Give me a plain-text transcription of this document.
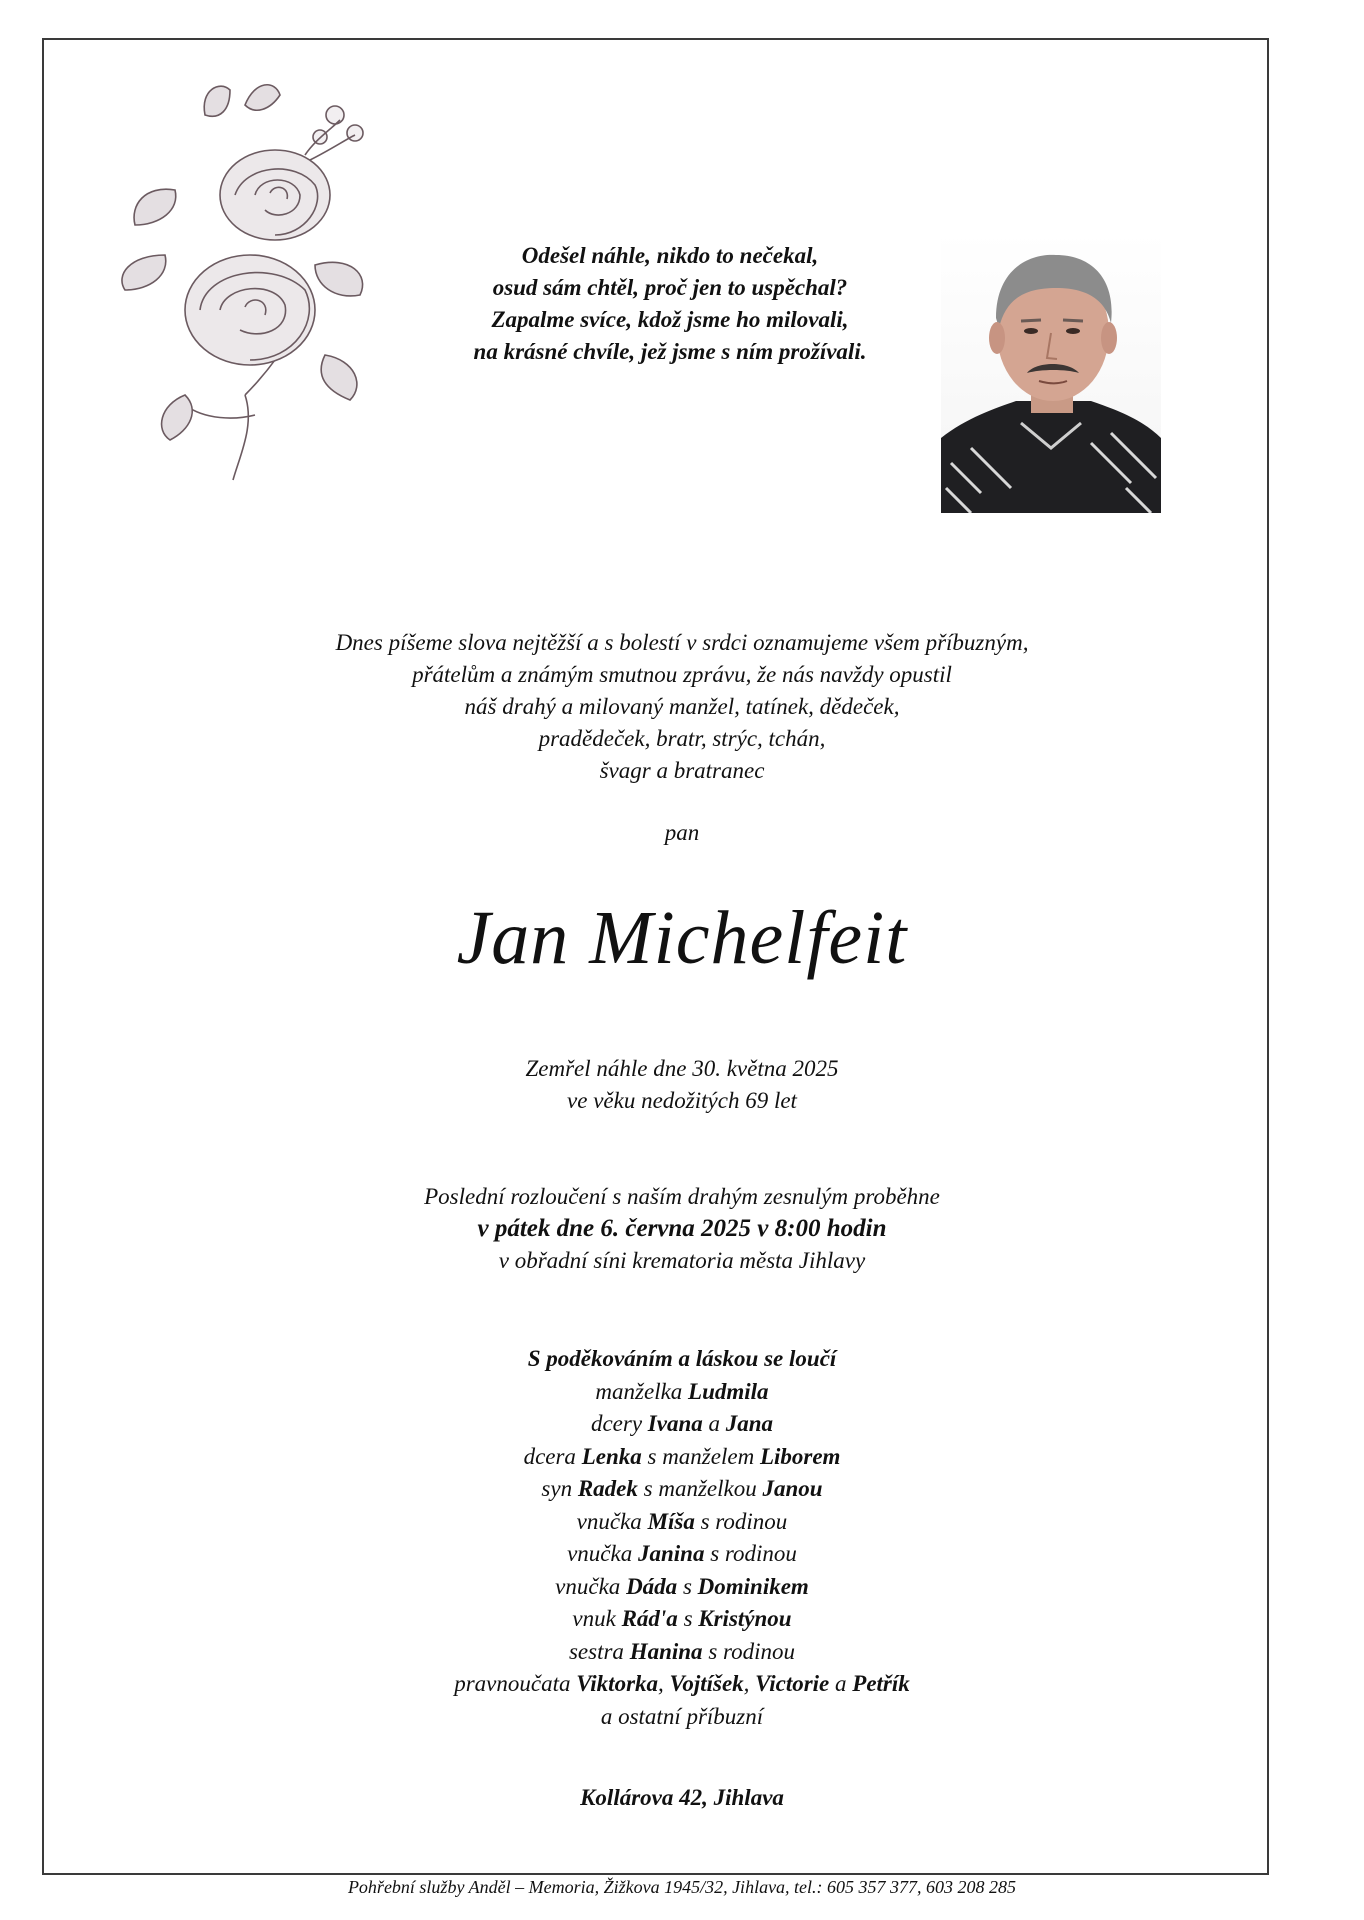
Odešel náhle, nikdo to nečekal,
osud sám chtěl, proč jen to uspěchal?
Zapalme svíce, kdož jsme ho milovali,
na krásné chvíle, jež jsme s ním prožívali.
Dnes píšeme slova nejtěžší a s bolestí v srdci oznamujeme všem příbuzným,
přátelům a známým smutnou zprávu, že nás navždy opustil
náš drahý a milovaný manžel, tatínek, dědeček,
pradědeček, bratr, strýc, tchán,
švagr a bratranec
pan
Jan Michelfeit
Zemřel náhle dne 30. května 2025
ve věku nedožitých 69 let
Poslední rozloučení s naším drahým zesnulým proběhne
v pátek dne 6. června 2025 v 8:00 hodin
v obřadní síni krematoria města Jihlavy
S poděkováním a láskou se loučí
manželka Ludmila
dcery Ivana a Jana
dcera Lenka s manželem Liborem
syn Radek s manželkou Janou
vnučka Míša s rodinou
vnučka Janina s rodinou
vnučka Dáda s Dominikem
vnuk Rád'a s Kristýnou
sestra Hanina s rodinou
pravnoučata Viktorka, Vojtíšek, Victorie a Petřík
a ostatní příbuzní
Kollárova 42, Jihlava
Pohřební služby Anděl – Memoria, Žižkova 1945/32, Jihlava, tel.: 605 357 377, 603 208 285
